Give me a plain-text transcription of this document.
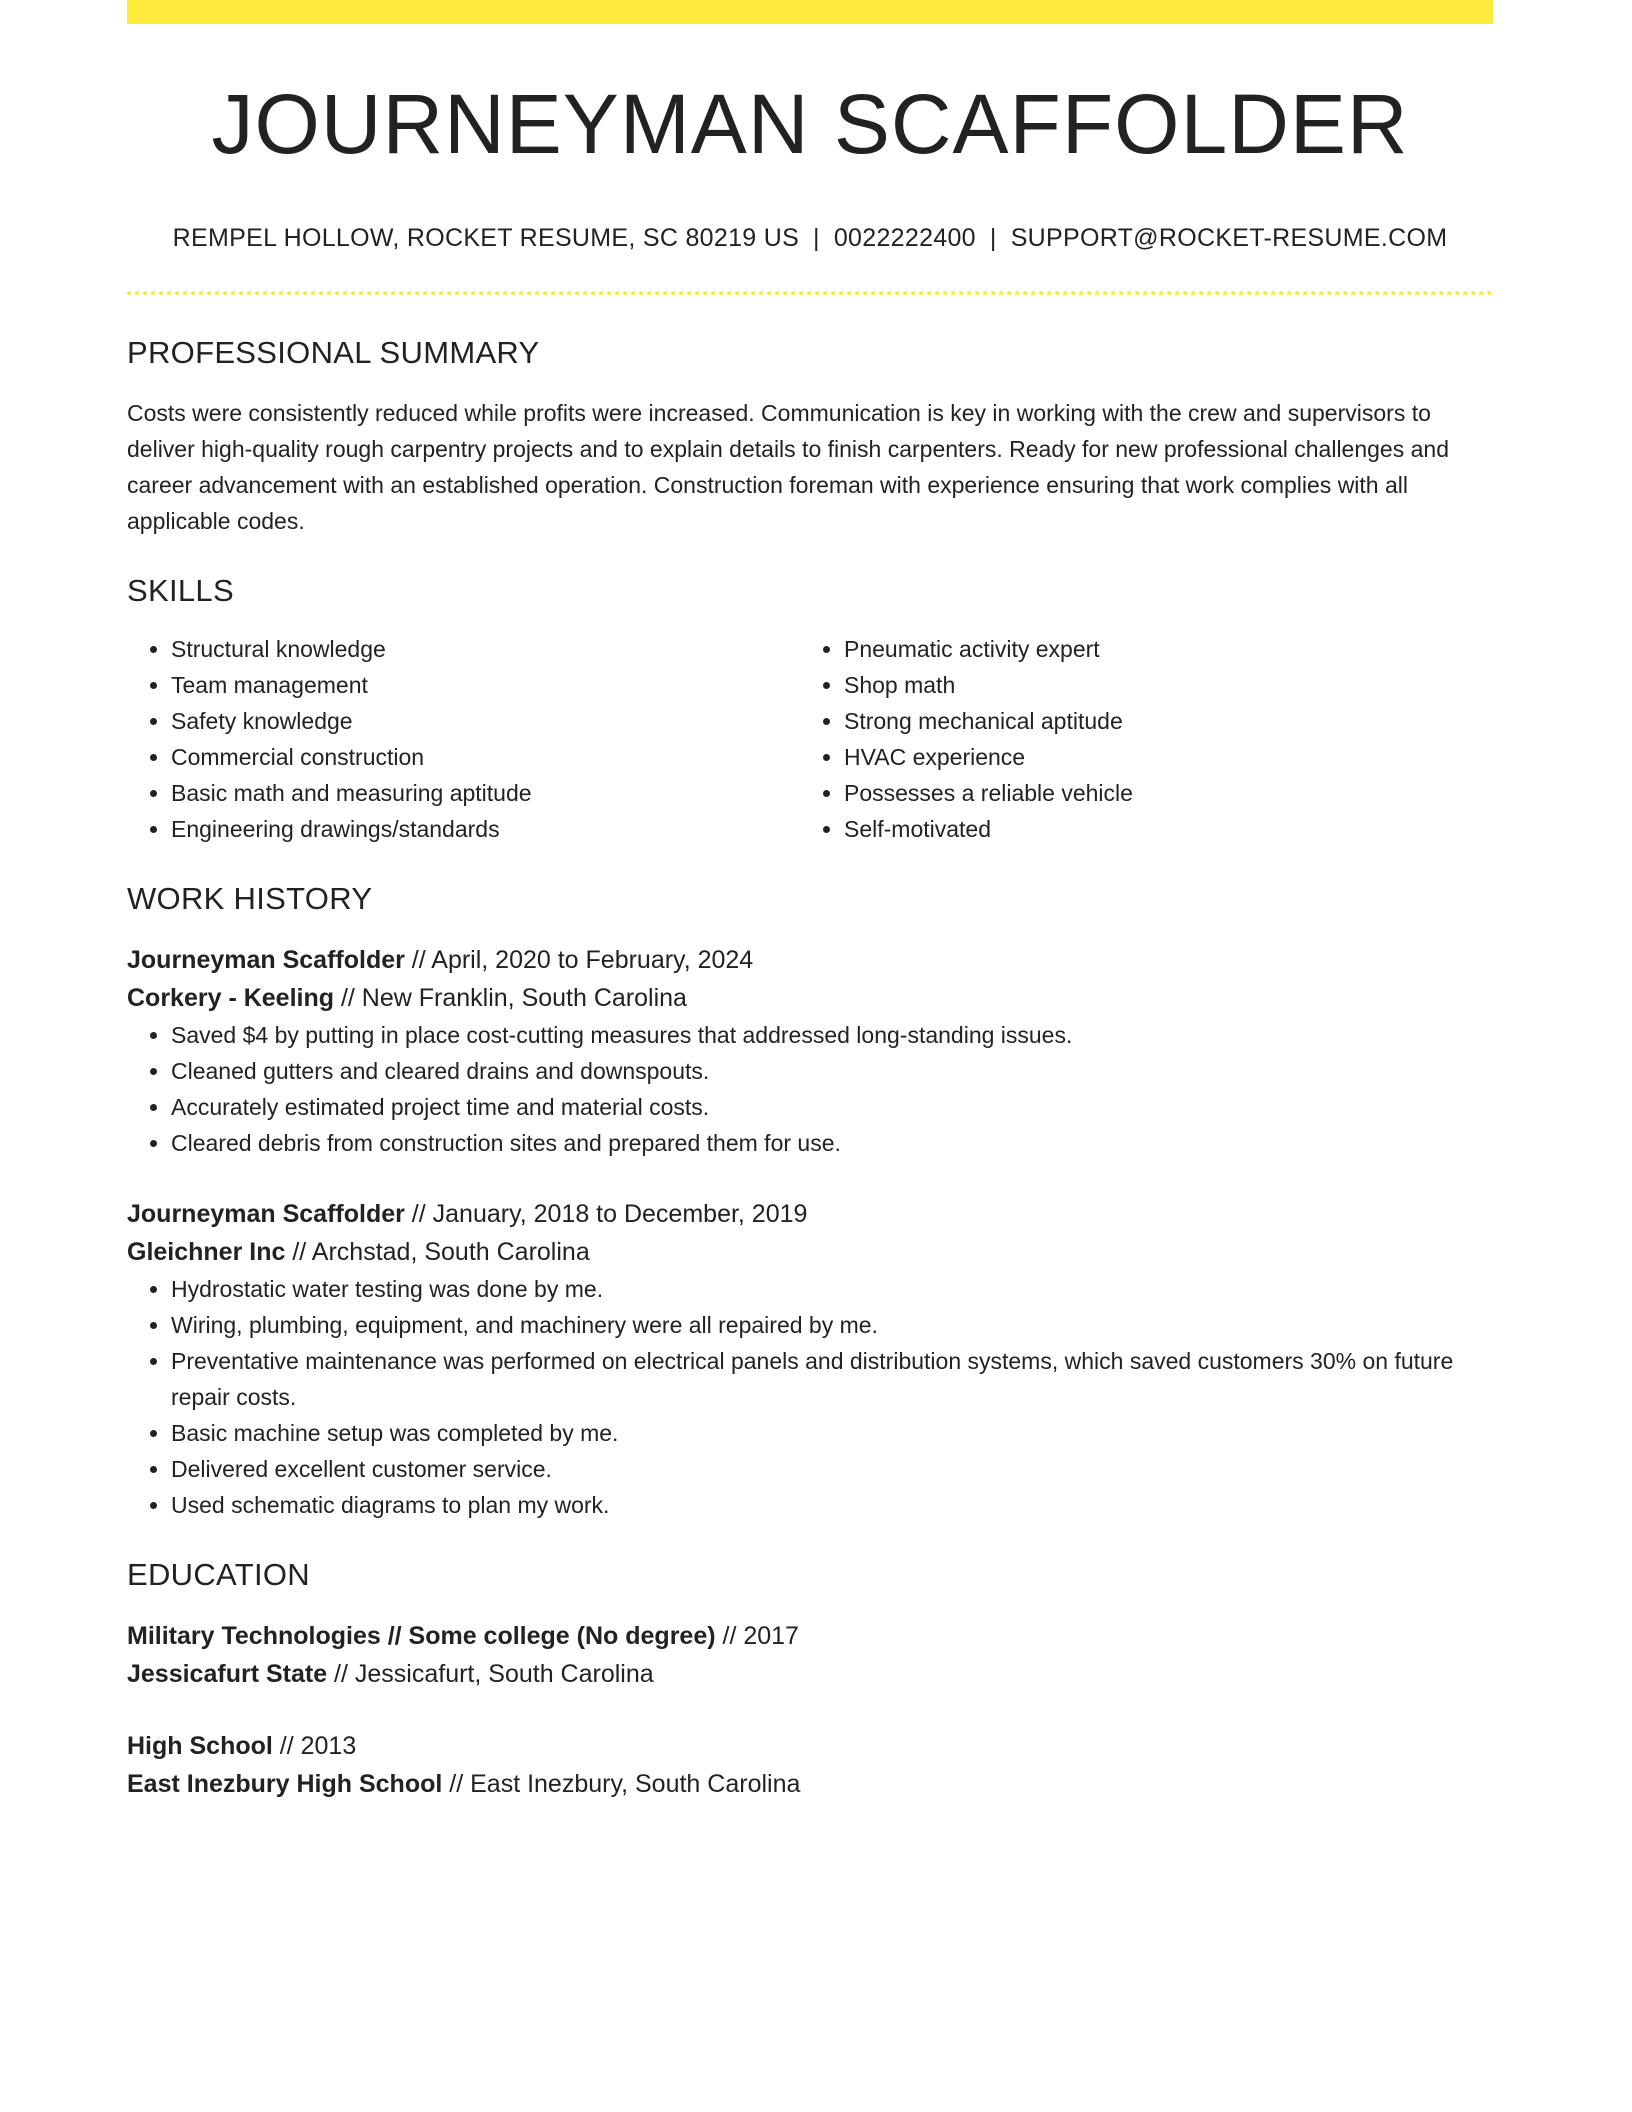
JOURNEYMAN SCAFFOLDER
REMPEL HOLLOW, ROCKET RESUME, SC 80219 US | 0022222400 | SUPPORT@ROCKET-RESUME.COM
PROFESSIONAL SUMMARY
Costs were consistently reduced while profits were increased. Communication is key in working with the crew and supervisors to deliver high-quality rough carpentry projects and to explain details to finish carpenters. Ready for new professional challenges and career advancement with an established operation. Construction foreman with experience ensuring that work complies with all applicable codes.
SKILLS
• Structural knowledge
• Team management
• Safety knowledge
• Commercial construction
• Basic math and measuring aptitude
• Engineering drawings/standards
• Pneumatic activity expert
• Shop math
• Strong mechanical aptitude
• HVAC experience
• Possesses a reliable vehicle
• Self-motivated
WORK HISTORY
Journeyman Scaffolder // April, 2020 to February, 2024
Corkery - Keeling // New Franklin, South Carolina
• Saved $4 by putting in place cost-cutting measures that addressed long-standing issues.
• Cleaned gutters and cleared drains and downspouts.
• Accurately estimated project time and material costs.
• Cleared debris from construction sites and prepared them for use.
Journeyman Scaffolder // January, 2018 to December, 2019
Gleichner Inc // Archstad, South Carolina
• Hydrostatic water testing was done by me.
• Wiring, plumbing, equipment, and machinery were all repaired by me.
• Preventative maintenance was performed on electrical panels and distribution systems, which saved customers 30% on future repair costs.
• Basic machine setup was completed by me.
• Delivered excellent customer service.
• Used schematic diagrams to plan my work.
EDUCATION
Military Technologies // Some college (No degree) // 2017
Jessicafurt State // Jessicafurt, South Carolina
High School // 2013
East Inezbury High School // East Inezbury, South Carolina
